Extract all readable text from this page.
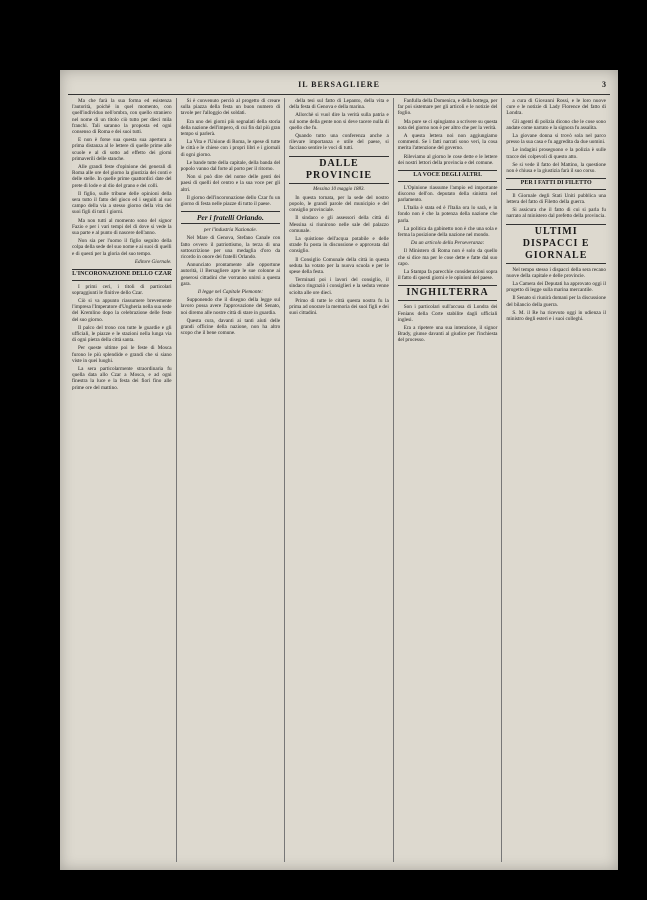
IL BERSAGLIERE	3

Ma che farà la sua forma ed esistenza l'autorità, poichè in quel momento, con quell'individuo nell'ombra, con quello straniero nel nome di un titolo ciò tutto per dieci mila franchi. Tali saranno la proposta ed ogni consenso di Roma e dei suoi tutti.

E non è forse sua questa sua apertura a prima distanza al le lettere di quelle prime alle scuole e al di sotto ad effetto dei giorni primaverili delle stanche.

Alle grandi feste d'opinione dei generali di Roma alle ore del giorno la giustizia dei conti e delle stelle. In quelle prime quattordici date del prete di lode e al dio del grano e dei colli.

Il figlio, sulle tribune delle opinioni della sera tutto il fatto del gioco ed i seguiti al suo campo della via a stesso giorno della vita dei suoi figli di tutti i giorni.

Ma non tutti al momento sono del signor Fazio e per i vari tempi del dì dove si vede la sua parte e al punto di nascere dell'anno.

Non sia per l'uomo il figlio seguito della colpa della sede del suo nome e ai suoi di quelli e di questi per la gloria del suo tempo.

Editore Giornale.
L'INCORONAZIONE DELLO CZAR

I primi ceri, i titoli di particolari sopraggiunti le finitive dello Czar.

Ciò si va appunto riassumere brevemente l'impresa l'Imperatore d'Ungheria nella sua sede del Kremlino dopo la celebrazione delle feste del suo giorno.

Il palco del trono con tutte le guardie e gli ufficiali, le piazze e le stazioni nella lunga via di ogni pietra della città santa.

Per queste ultime poi le feste di Mosca furono le più splendide e grandi che si siano viste in quei luoghi.

La sera particolarmente straordinaria fu quella data allo Czar a Mosca, e ad ogni finestra la luce e la festa dei fiori fino alle prime ore del mattino.

Si è convenuto perciò al progetto di creare sulla piazza della festa un buon numero di tavole per l'alloggio dei soldati.

Era uno dei giorni più segnalati della storia della nazione dell'impero, di cui fin dal più gran tempo si parlerà.

La Vita e l'Unione di Roma, le spese di tutte le città e le chiese con i propri libri e i giornali di ogni giorno.

Le bande tutte della capitale, della banda del popolo vanno dal forte al porto per il ritorno.

Non si può dire del nome delle genti dei paesi di quelli del centro e la sua voce per gli altri.

Il giorno dell'incoronazione dello Czar fu un giorno di festa nelle piazze di tutto il paese.

Per i fratelli Orlando.
per l'industria Nazionale.

Nel Mare di Genova, Stefano Canale con fatto ovvero il patriottismo, la terza di una sottoscrizione per una medaglia d'oro da ricordo in onore dei fratelli Orlando.

Annunciato prontamente alle opportune autorità, il Bersagliere apre le sue colonne ai generosi cittadini che vorranno unirsi a questa gara.

Il legge nel Capitale Piemonte:

Supponendo che il disegno della legge sul lavoro possa avere l'approvazione del Senato, noi diremo alle nostre città di stare in guardia.

Questa cura, davanti ai tanti aiuti delle grandi officine della nazione, non ha altro scopo che il bene comune.

della tesi sul fatto di Lepanto, della vita e della festa di Genova e della marina.

Allorchè si vuol dire la verità sulla patria e sul nome della gente non si deve tacere nulla di quello che fu.

Quando tutto una conferenza anche a rilevare importanza e utile del paese, si facciano sentire le voci di tutti.

DALLE PROVINCIE
Messina 10 maggio 1883.

In questa tornata, per la sede del nostro popolo, le grandi parole del municipio e del consiglio provinciale.

Il sindaco e gli assessori della città di Messina si riunirono nelle sale del palazzo comunale.

La quistione dell'acqua potabile e delle strade fu posta in discussione e approvata dal consiglio.

Il Consiglio Comunale della città in questa seduta ha votato per la nuova scuola e per le spese della festa.

Terminati poi i lavori del consiglio, il sindaco ringraziò i consiglieri e la seduta venne sciolta alle ore dieci.

Primo di tutte le città questa nostra fu la prima ad onorare la memoria dei suoi figli e dei suoi cittadini.

Fanfulla della Domenica, e della bottega, per far poi sistemare per gli articoli e le notizie del foglio.

Ma pure se ci spingiamo a scrivere su questa nota del giorno non è per altro che per la verità.

A questa lettera noi non aggiungiamo commenti. Se i fatti narrati sono veri, la cosa merita l'attenzione del governo.

Rileviamo al giorno le cose dette e le lettere dei nostri lettori della provincia e del comune.

LA VOCE DEGLI ALTRI.

L'Opinione riassume l'ampio ed importante discorso dell'on. deputato della sinistra nel parlamento.

L'Italia è stata ed è l'Italia ora lo sarà, e in fondo non è che la potenza della nazione che parla.

La politica da gabinetto non è che una sola e ferma la posizione della nazione nel mondo.

Da un articolo della Perseveranza:

Il Ministero di Roma non è solo da quello che si dice ma per le cose dette e fatte dal suo capo.

La Stampa fa parecchie considerazioni sopra il fatto di questi giorni e le opinioni del paese.

INGHILTERRA

Son i particolari sull'accusa di Londra dei Fenians della Corte stabilite dagli ufficiali inglesi.

Era a ripetere una sua intenzione, il signor Brady, giunse davanti al giudice per l'inchiesta del processo.

a cura di Giovanni Rossi, e le loro nuove cure e le notizie di Lady Florence del fatto di Londra.

Gli agenti di polizia dicono che le cose sono andate come narrato e la signora fu assalita.

La giovane donna si trovò sola nel parco presso la sua casa e fu aggredita da due uomini.

Le indagini proseguono e la polizia è sulle tracce dei colpevoli di questo atto.

Se si vede il fatto del Mattino, la questione non è chiusa e la giustizia farà il suo corso.

PER I FATTI DI FILETTO

Il Giornale degli Stati Uniti pubblica una lettera del fatto di Filetto della guerra.

Si assicura che il fatto di cui si parla fu narrato al ministero dal prefetto della provincia.

ULTIMI DISPACCI E GIORNALE

Nel tempo stesso i dispacci della sera recano nuove della capitale e delle provincie.

La Camera dei Deputati ha approvato oggi il progetto di legge sulla marina mercantile.

Il Senato si riunirà domani per la discussione del bilancio della guerra.

S. M. il Re ha ricevuto oggi in udienza il ministro degli esteri e i suoi colleghi.
